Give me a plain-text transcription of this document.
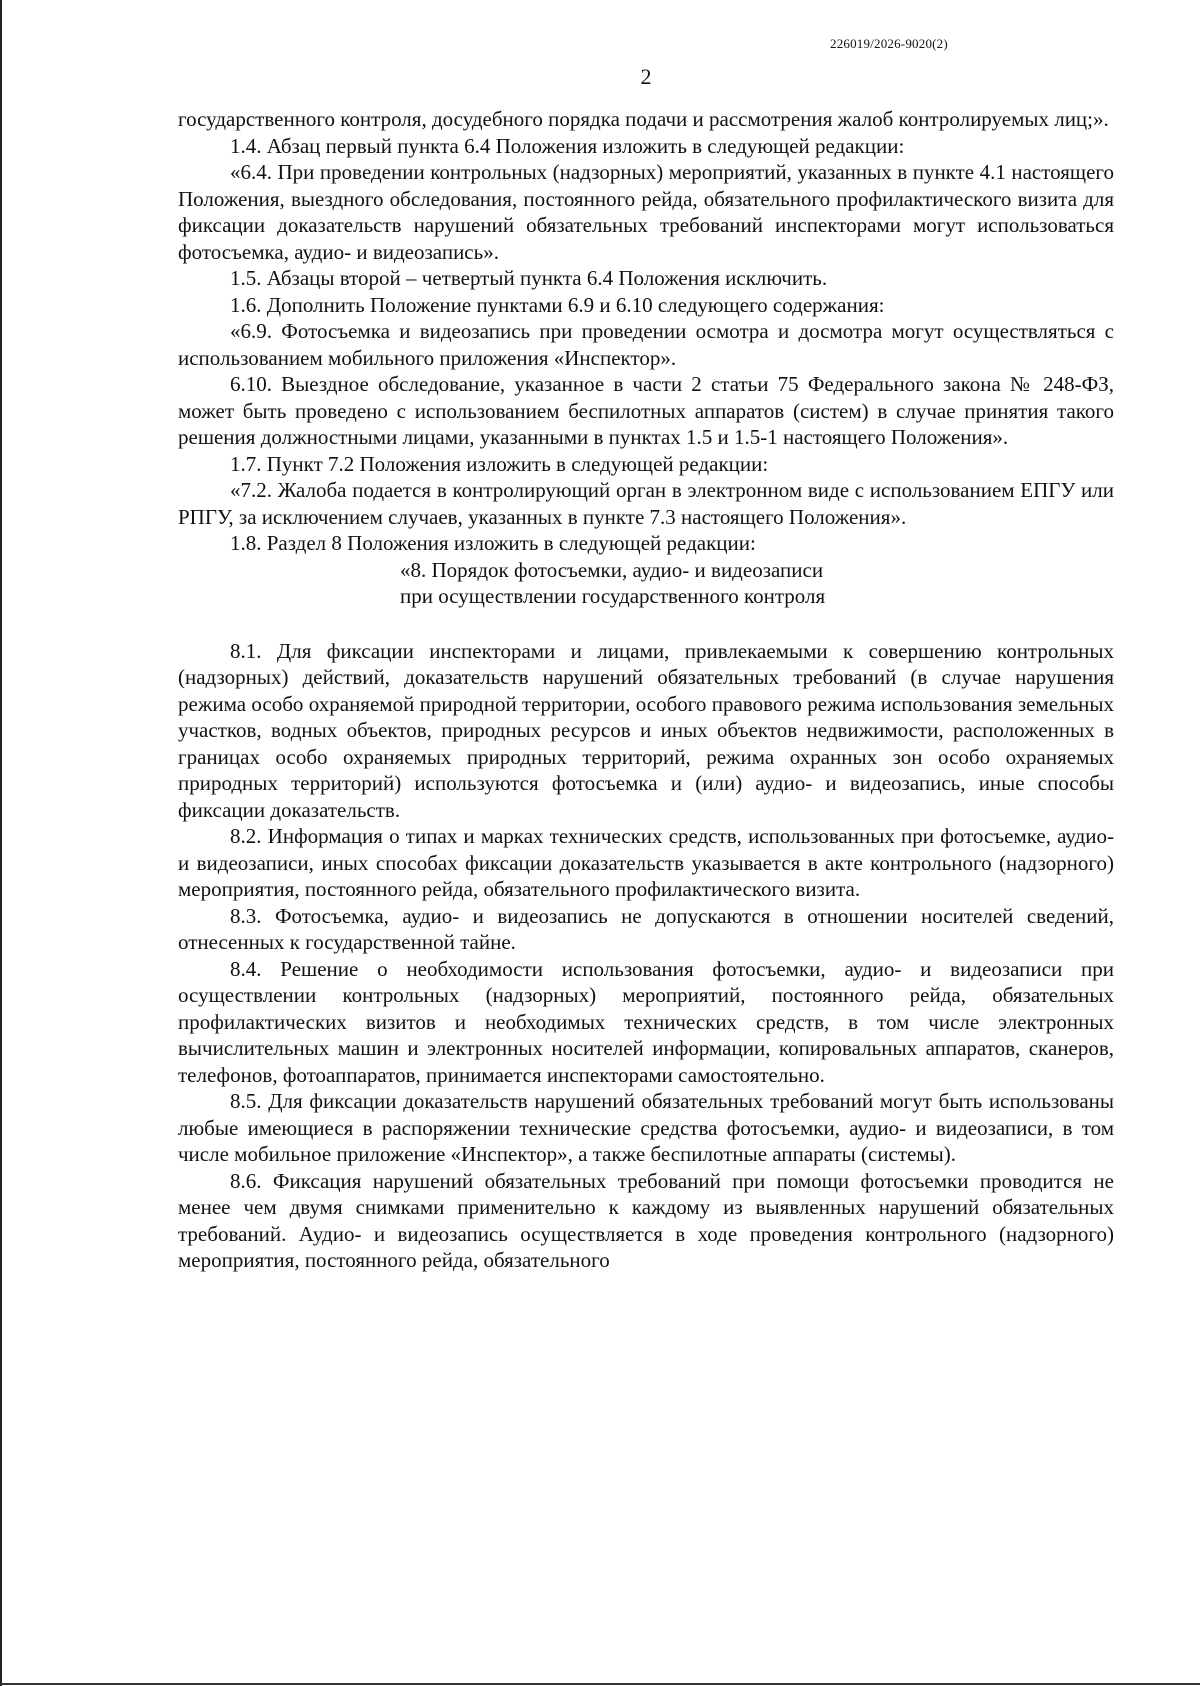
226019/2026-9020(2)
2

государственного контроля, досудебного порядка подачи и рассмотрения жалоб контролируемых лиц;».

1.4. Абзац первый пункта 6.4 Положения изложить в следующей редакции:

«6.4. При проведении контрольных (надзорных) мероприятий, указанных в пункте 4.1 настоящего Положения, выездного обследования, постоянного рейда, обязательного профилактического визита для фиксации доказательств нарушений обязательных требований инспекторами могут использоваться фотосъемка, аудио- и видеозапись».

1.5. Абзацы второй – четвертый пункта 6.4 Положения исключить.

1.6. Дополнить Положение пунктами 6.9 и 6.10 следующего содержания:

«6.9. Фотосъемка и видеозапись при проведении осмотра и досмотра могут осуществляться с использованием мобильного приложения «Инспектор».

6.10. Выездное обследование, указанное в части 2 статьи 75 Федерального закона № 248-ФЗ, может быть проведено с использованием беспилотных аппаратов (систем) в случае принятия такого решения должностными лицами, указанными в пунктах 1.5 и 1.5-1 настоящего Положения».

1.7. Пункт 7.2 Положения изложить в следующей редакции:

«7.2. Жалоба подается в контролирующий орган в электронном виде с использованием ЕПГУ или РПГУ, за исключением случаев, указанных в пункте 7.3 настоящего Положения».

1.8. Раздел 8 Положения изложить в следующей редакции:

«8. Порядок фотосъемки, аудио- и видеозаписи

при осуществлении государственного контроля

8.1. Для фиксации инспекторами и лицами, привлекаемыми к совершению контрольных (надзорных) действий, доказательств нарушений обязательных требований (в случае нарушения режима особо охраняемой природной территории, особого правового режима использования земельных участков, водных объектов, природных ресурсов и иных объектов недвижимости, расположенных в границах особо охраняемых природных территорий, режима охранных зон особо охраняемых природных территорий) используются фотосъемка и (или) аудио- и видеозапись, иные способы фиксации доказательств.

8.2. Информация о типах и марках технических средств, использованных при фотосъемке, аудио- и видеозаписи, иных способах фиксации доказательств указывается в акте контрольного (надзорного) мероприятия, постоянного рейда, обязательного профилактического визита.

8.3. Фотосъемка, аудио- и видеозапись не допускаются в отношении носителей сведений, отнесенных к государственной тайне.

8.4. Решение о необходимости использования фотосъемки, аудио- и видеозаписи при осуществлении контрольных (надзорных) мероприятий, постоянного рейда, обязательных профилактических визитов и необходимых технических средств, в том числе электронных вычислительных машин и электронных носителей информации, копировальных аппаратов, сканеров, телефонов, фотоаппаратов, принимается инспекторами самостоятельно.

8.5. Для фиксации доказательств нарушений обязательных требований могут быть использованы любые имеющиеся в распоряжении технические средства фотосъемки, аудио- и видеозаписи, в том числе мобильное приложение «Инспектор», а также беспилотные аппараты (системы).

8.6. Фиксация нарушений обязательных требований при помощи фотосъемки проводится не менее чем двумя снимками применительно к каждому из выявленных нарушений обязательных требований. Аудио- и видеозапись осуществляется в ходе проведения контрольного (надзорного) мероприятия, постоянного рейда, обязательного
